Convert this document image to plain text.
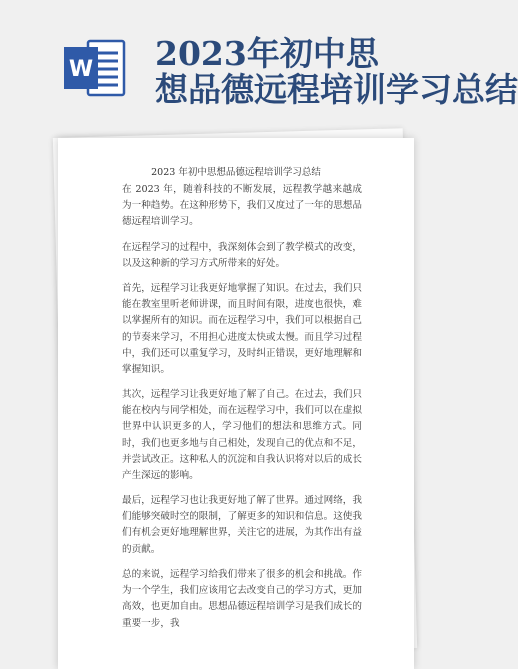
W 2023年初中思
想品德远程培训学习总结
2023 年初中思想品德远程培训学习总结

在 2023 年，随着科技的不断发展，远程教学越来越成为一种趋势。在这种形势下，我们又度过了一年的思想品德远程培训学习。

在远程学习的过程中，我深刻体会到了教学模式的改变，以及这种新的学习方式所带来的好处。

首先，远程学习让我更好地掌握了知识。在过去，我们只能在教室里听老师讲课，而且时间有限，进度也很快，难以掌握所有的知识。而在远程学习中，我们可以根据自己的节奏来学习，不用担心进度太快或太慢。而且学习过程中，我们还可以重复学习，及时纠正错误，更好地理解和掌握知识。

其次，远程学习让我更好地了解了自己。在过去，我们只能在校内与同学相处，而在远程学习中，我们可以在虚拟世界中认识更多的人，学习他们的想法和思维方式。同时，我们也更多地与自己相处，发现自己的优点和不足，并尝试改正。这种私人的沉淀和自我认识将对以后的成长产生深远的影响。

最后，远程学习也让我更好地了解了世界。通过网络，我们能够突破时空的限制，了解更多的知识和信息。这使我们有机会更好地理解世界，关注它的进展，为其作出有益的贡献。

总的来说，远程学习给我们带来了很多的机会和挑战。作为一个学生，我们应该用它去改变自己的学习方式，更加高效，也更加自由。思想品德远程培训学习是我们成长的重要一步，我
